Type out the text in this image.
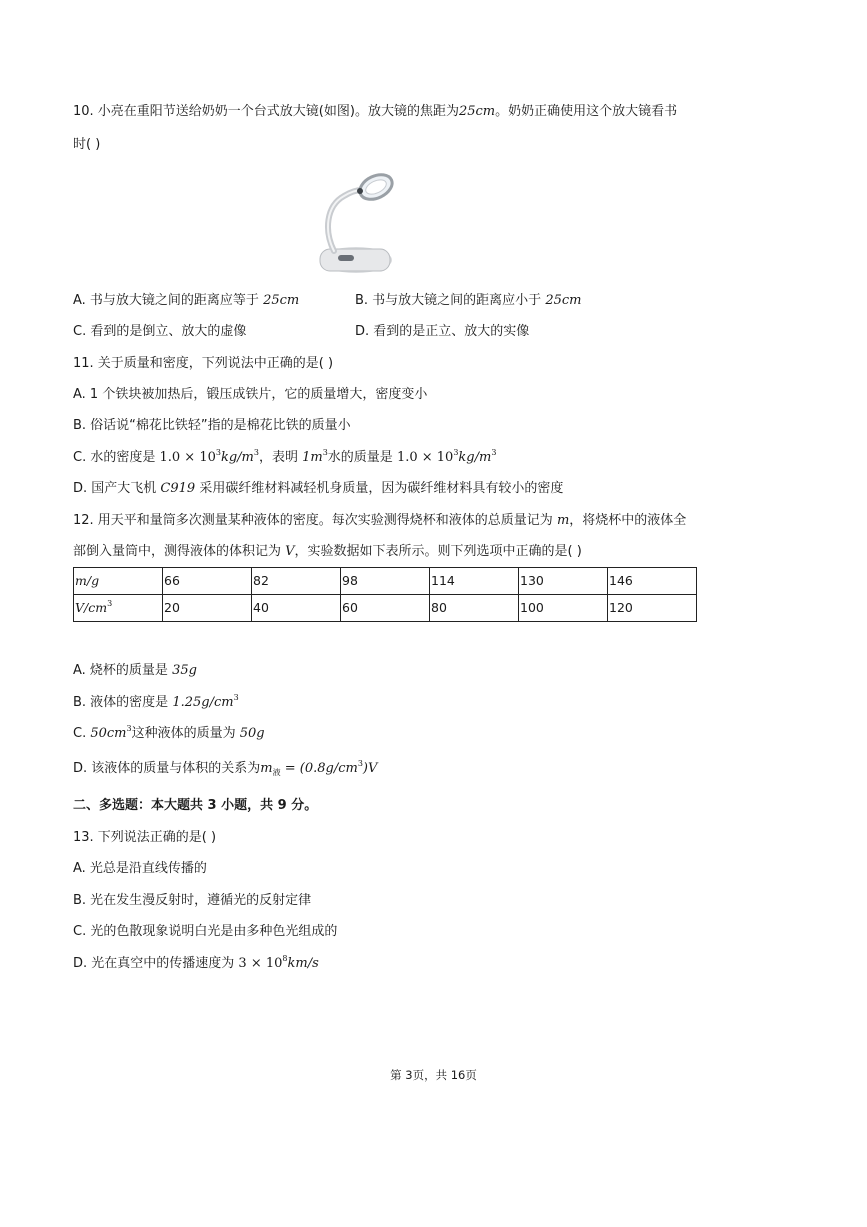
10. 小亮在重阳节送给奶奶一个台式放大镜(如图)。放大镜的焦距为25cm。奶奶正确使用这个放大镜看书
时( )
A. 书与放大镜之间的距离应等于 25cm	B. 书与放大镜之间的距离应小于 25cm
C. 看到的是倒立、放大的虚像	D. 看到的是正立、放大的实像
11. 关于质量和密度，下列说法中正确的是( )
A. 1 个铁块被加热后，锻压成铁片，它的质量增大，密度变小
B. 俗话说“棉花比铁轻”指的是棉花比铁的质量小
C. 水的密度是 $1.0 \times 10^3kg/m^3$，表明 $1m^3$水的质量是 $1.0 \times 10^3kg/m^3$
D. 国产大飞机 C919 采用碳纤维材料减轻机身质量，因为碳纤维材料具有较小的密度
12. 用天平和量筒多次测量某种液体的密度。每次实验测得烧杯和液体的总质量记为 m，将烧杯中的液体全
部倒入量筒中，测得液体的体积记为 V，实验数据如下表所示。则下列选项中正确的是( )
m/g	66	82	98	114	130	146
$V/cm^3$	20	40	60	80	100	120
A. 烧杯的质量是 35g
B. 液体的密度是 $1.25g/cm^3$
C. $50cm^3$这种液体的质量为 50g
D. 该液体的质量与体积的关系为$m_液 = (0.8g/cm^3)V$
二、多选题：本大题共 3 小题，共 9 分。
13. 下列说法正确的是( )
A. 光总是沿直线传播的
B. 光在发生漫反射时，遵循光的反射定律
C. 光的色散现象说明白光是由多种色光组成的
D. 光在真空中的传播速度为 $3 \times 10^8km/s$
第 3页，共 16页
